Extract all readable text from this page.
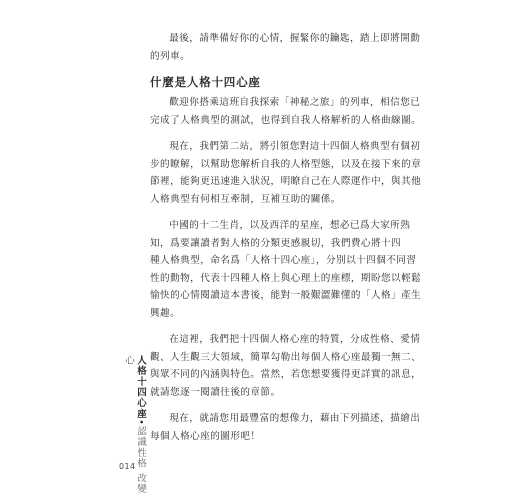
最後，請準備好你的心情，握緊你的鑰匙，踏上即將開動
的列車。

什麼是人格十四心座

歡迎你搭乘這班自我探索「神秘之旅」的列車，相信您已
完成了人格典型的測試，也得到自我人格解析的人格曲線圖。

現在，我們第二站，將引領您對這十四個人格典型有個初
步的瞭解，以幫助您解析自我的人格型態，以及在接下來的章
節裡，能夠更迅速進入狀況，明瞭自己在人際運作中，與其他
人格典型有何相互牽制，互補互助的關係。

中國的十二生肖，以及西洋的星座，想必已爲大家所熟
知，爲要讓讀者對人格的分類更感親切，我們費心將十四
種人格典型，命名爲「人格十四心座」，分別以十四個不同習
性的動物，代表十四種人格上與心理上的座標，期盼您以輕鬆
愉快的心情閱讀這本書後，能對一般艱澀難懂的「人格」產生
興趣。

在這裡，我們把十四個人格心座的特質，分成性格、愛情
觀、人生觀三大領域，簡單勾勒出每個人格心座最獨一無二、
與眾不同的內涵與特色。當然，若您想要獲得更詳實的訊息，
就請您逐一閱讀往後的章節。

現在，就請您用最豐富的想像力，藉由下列描述，描繪出
每個人格心座的圖形吧！

人格十四心座•認識性格 改變心
014
